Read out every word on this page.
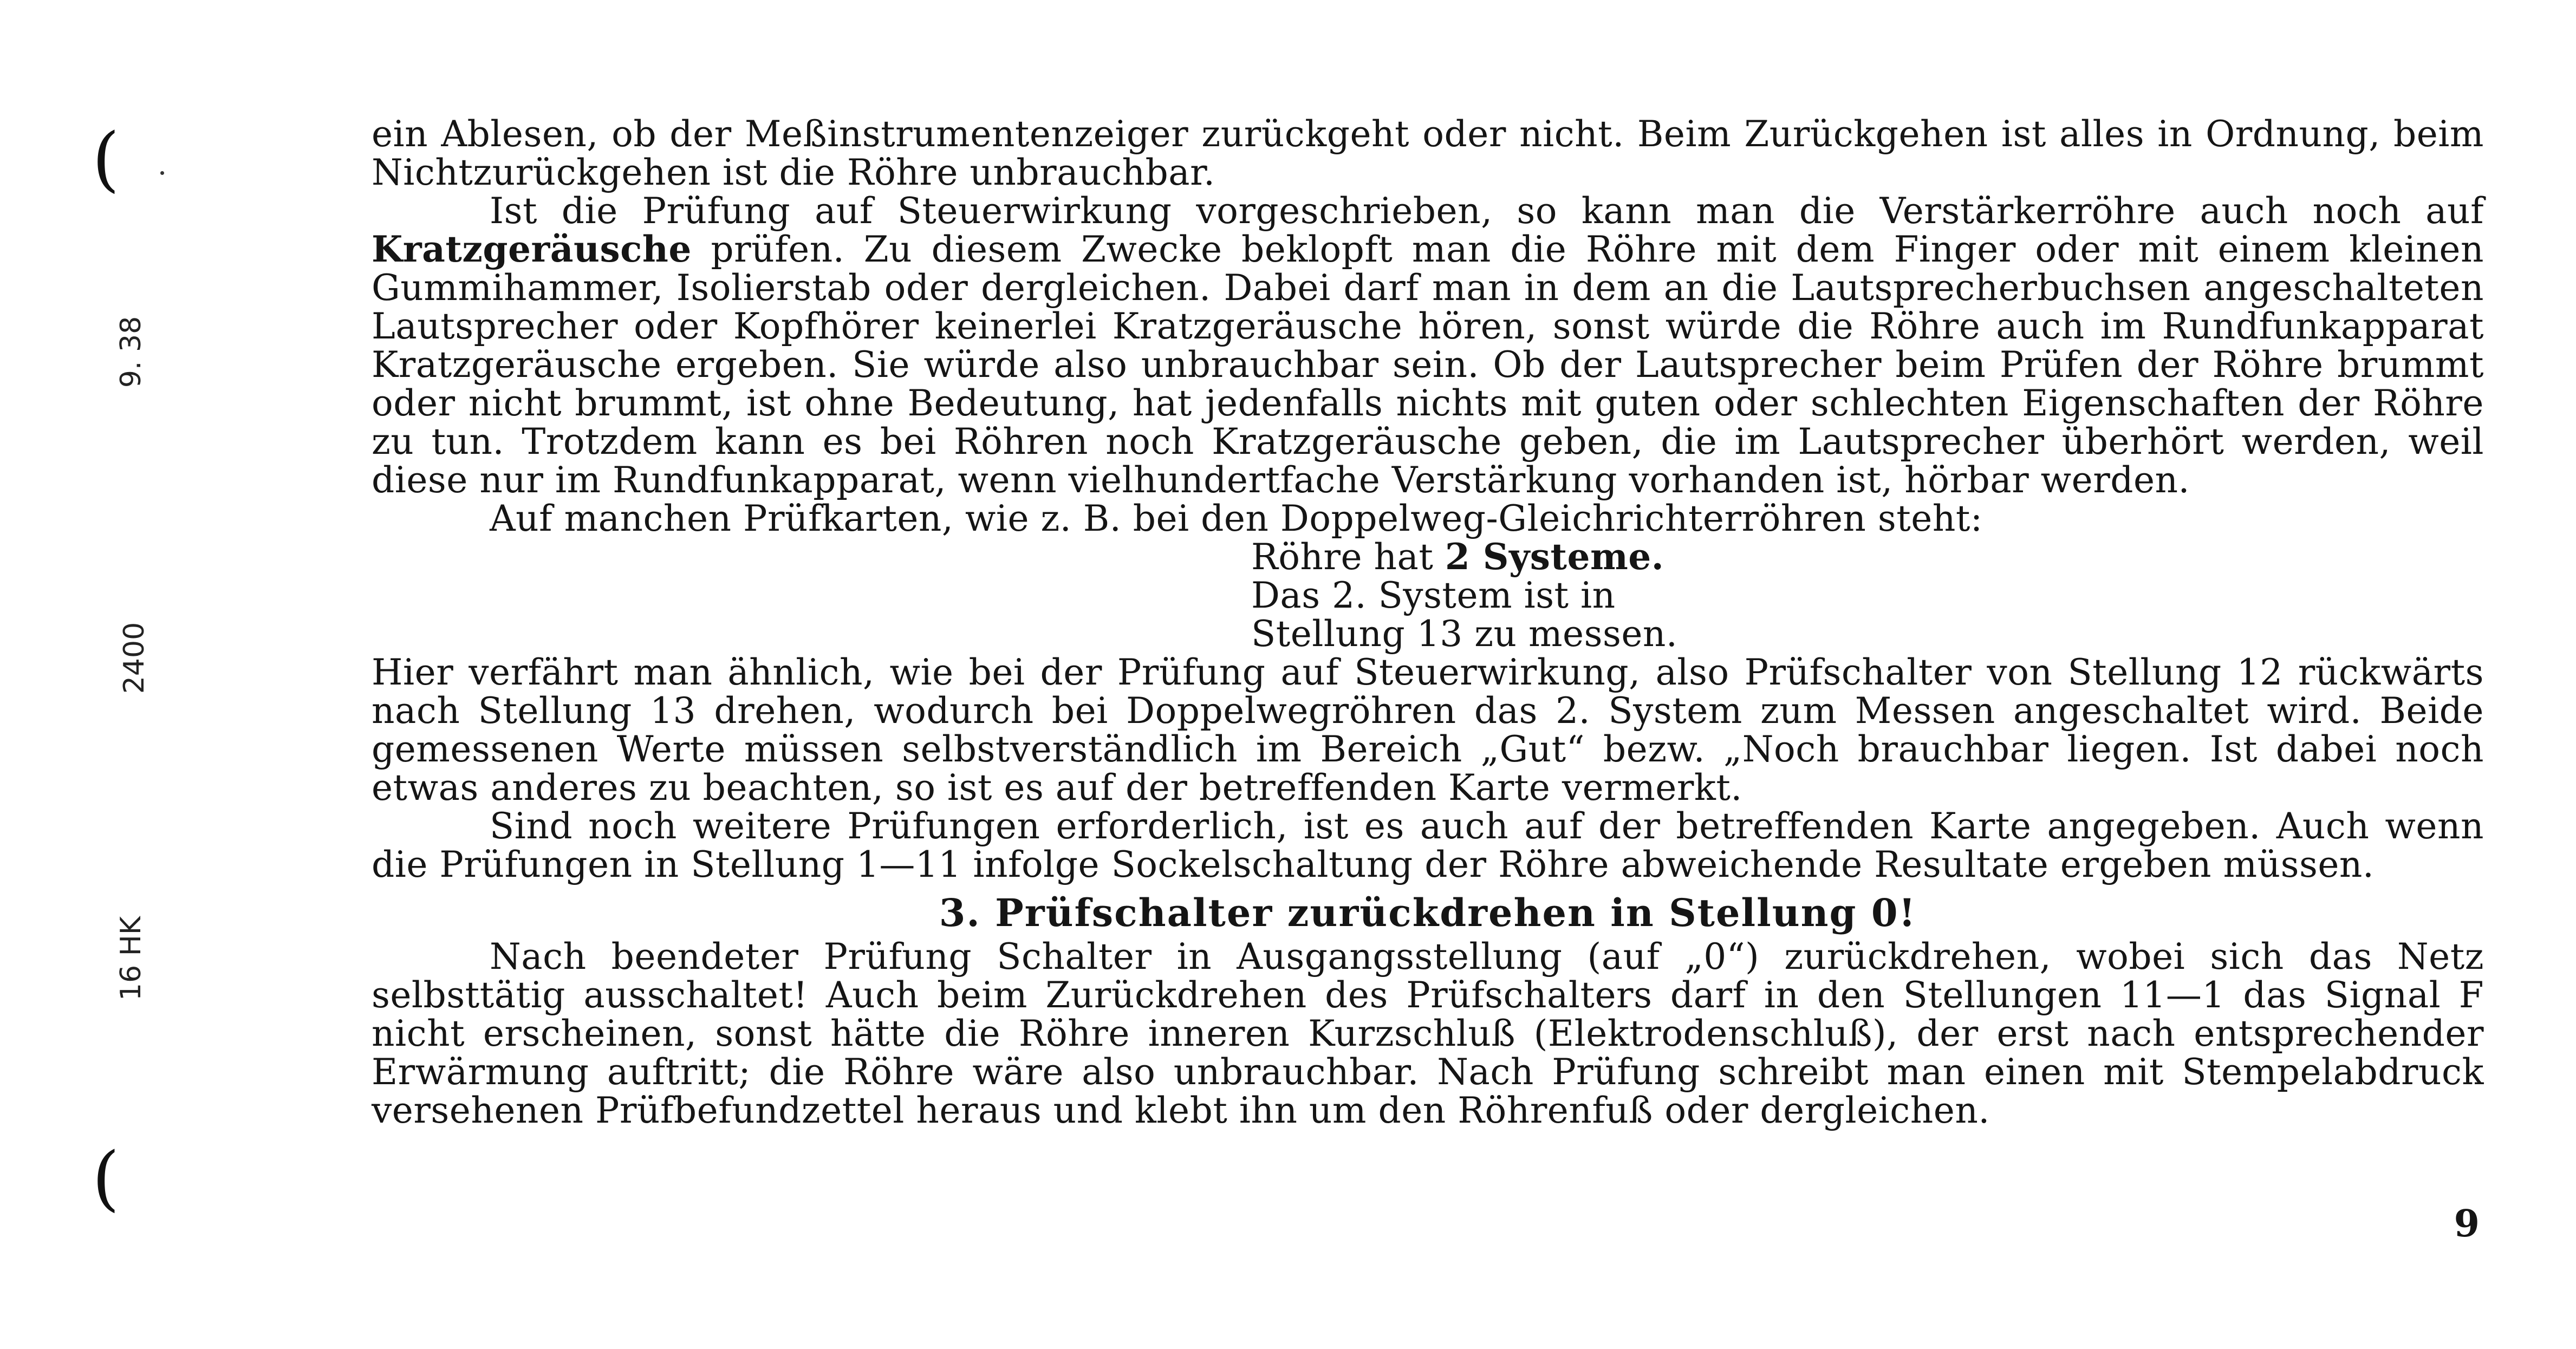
(
9. 38
2400
16 HK
(

ein Ablesen, ob der Meßinstrumentenzeiger zurückgeht oder nicht. Beim Zurückgehen ist alles in Ordnung, beim Nichtzurückgehen ist die Röhre unbrauchbar.

Ist die Prüfung auf Steuerwirkung vorgeschrieben, so kann man die Verstärkerröhre auch noch auf Kratzgeräusche prüfen. Zu diesem Zwecke beklopft man die Röhre mit dem Finger oder mit einem kleinen Gummihammer, Isolierstab oder dergleichen. Dabei darf man in dem an die Lautsprecherbuchsen angeschalteten Lautsprecher oder Kopfhörer keinerlei Kratzgeräusche hören, sonst würde die Röhre auch im Rundfunkapparat Kratzgeräusche ergeben. Sie würde also unbrauchbar sein. Ob der Lautsprecher beim Prüfen der Röhre brummt oder nicht brummt, ist ohne Bedeutung, hat jedenfalls nichts mit guten oder schlechten Eigenschaften der Röhre zu tun. Trotzdem kann es bei Röhren noch Kratzgeräusche geben, die im Lautsprecher überhört werden, weil diese nur im Rundfunkapparat, wenn vielhundertfache Verstärkung vorhanden ist, hörbar werden.

Auf manchen Prüfkarten, wie z. B. bei den Doppelweg-Gleichrichterröhren steht:

Röhre hat 2 Systeme.
Das 2. System ist in
Stellung 13 zu messen.

Hier verfährt man ähnlich, wie bei der Prüfung auf Steuerwirkung, also Prüfschalter von Stellung 12 rückwärts nach Stellung 13 drehen, wodurch bei Doppelwegröhren das 2. System zum Messen angeschaltet wird. Beide gemessenen Werte müssen selbstverständlich im Bereich „Gut“ bezw. „Noch brauchbar liegen. Ist dabei noch etwas anderes zu beachten, so ist es auf der betreffenden Karte vermerkt.

Sind noch weitere Prüfungen erforderlich, ist es auch auf der betreffenden Karte angegeben. Auch wenn die Prüfungen in Stellung 1—11 infolge Sockelschaltung der Röhre abweichende Resultate ergeben müssen.

3. Prüfschalter zurückdrehen in Stellung 0!

Nach beendeter Prüfung Schalter in Ausgangsstellung (auf „0“) zurückdrehen, wobei sich das Netz selbsttätig ausschaltet! Auch beim Zurückdrehen des Prüfschalters darf in den Stellungen 11—1 das Signal F nicht erscheinen, sonst hätte die Röhre inneren Kurzschluß (Elektrodenschluß), der erst nach entsprechender Erwärmung auftritt; die Röhre wäre also unbrauchbar. Nach Prüfung schreibt man einen mit Stempelabdruck versehenen Prüfbefundzettel heraus und klebt ihn um den Röhrenfuß oder dergleichen.

9
